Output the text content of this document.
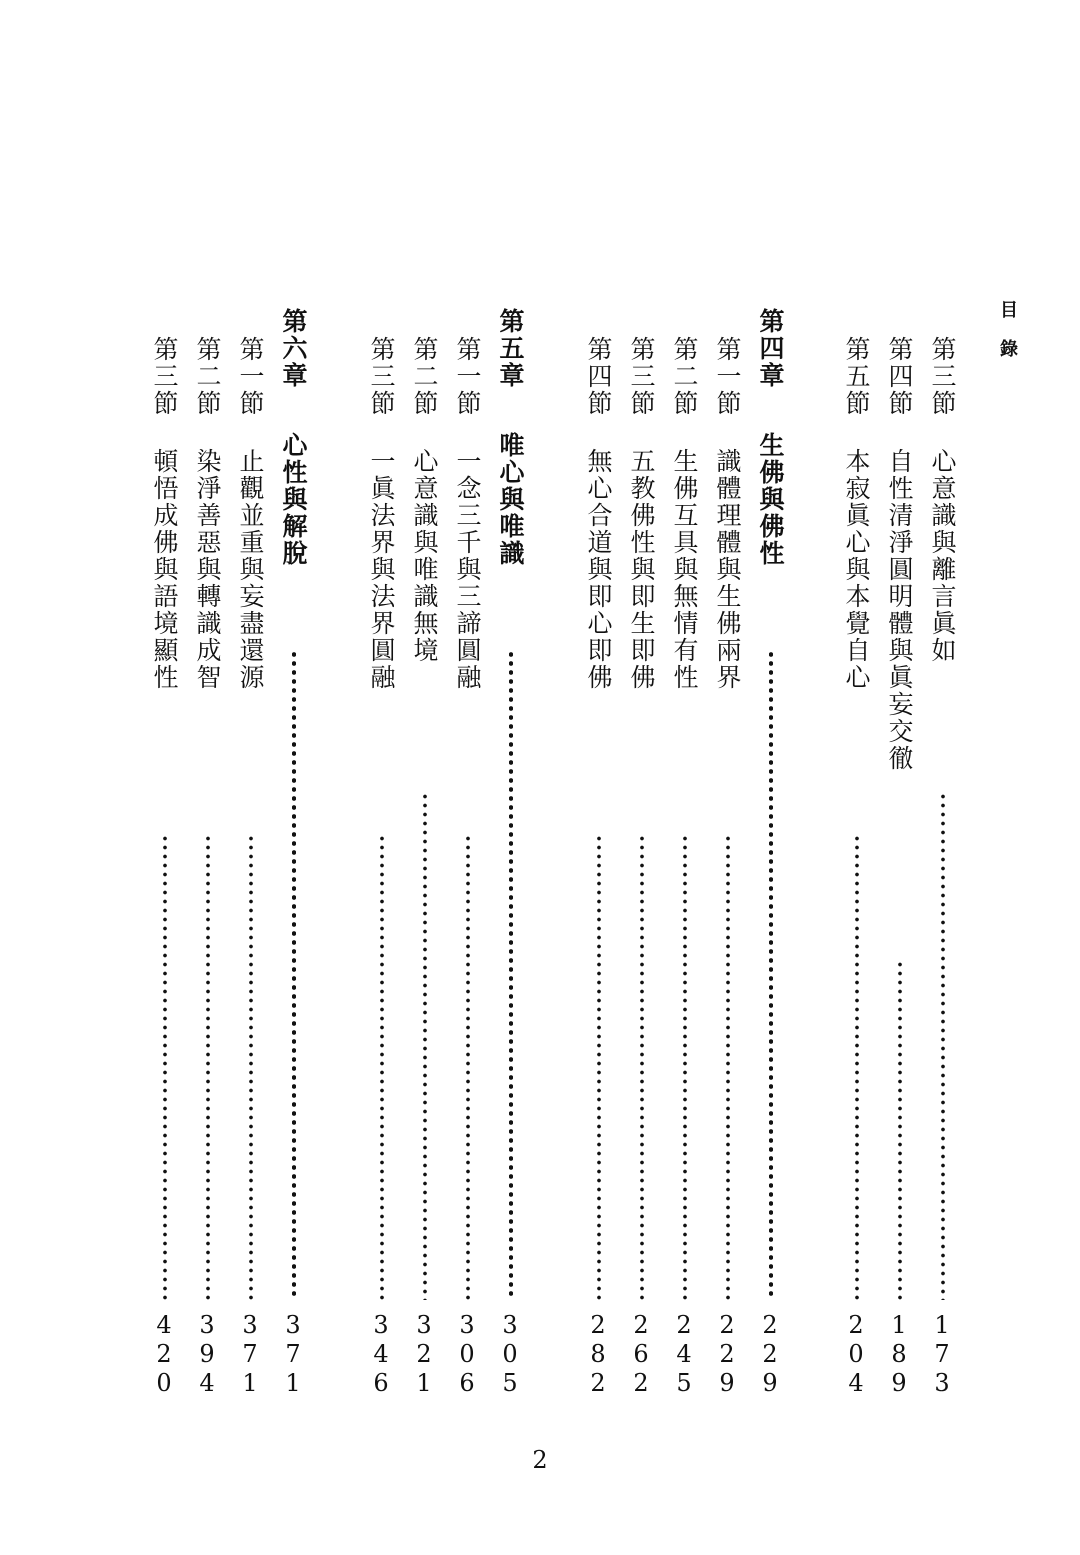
目 錄
第三節
心意識與離言眞如
173
第四節
自性清淨圓明體與眞妄交徹
189
第五節
本寂眞心與本覺自心
204
第四章
生佛與佛性
229
第一節
識體理體與生佛兩界
229
第二節
生佛互具與無情有性
245
第三節
五教佛性與即生即佛
262
第四節
無心合道與即心即佛
282
第五章
唯心與唯識
305
第一節
一念三千與三諦圓融
306
第二節
心意識與唯識無境
321
第三節
一眞法界與法界圓融
346
第六章
心性與解脫
371
第一節
止觀並重與妄盡還源
371
第二節
染淨善惡與轉識成智
394
第三節
頓悟成佛與語境顯性
420
2
